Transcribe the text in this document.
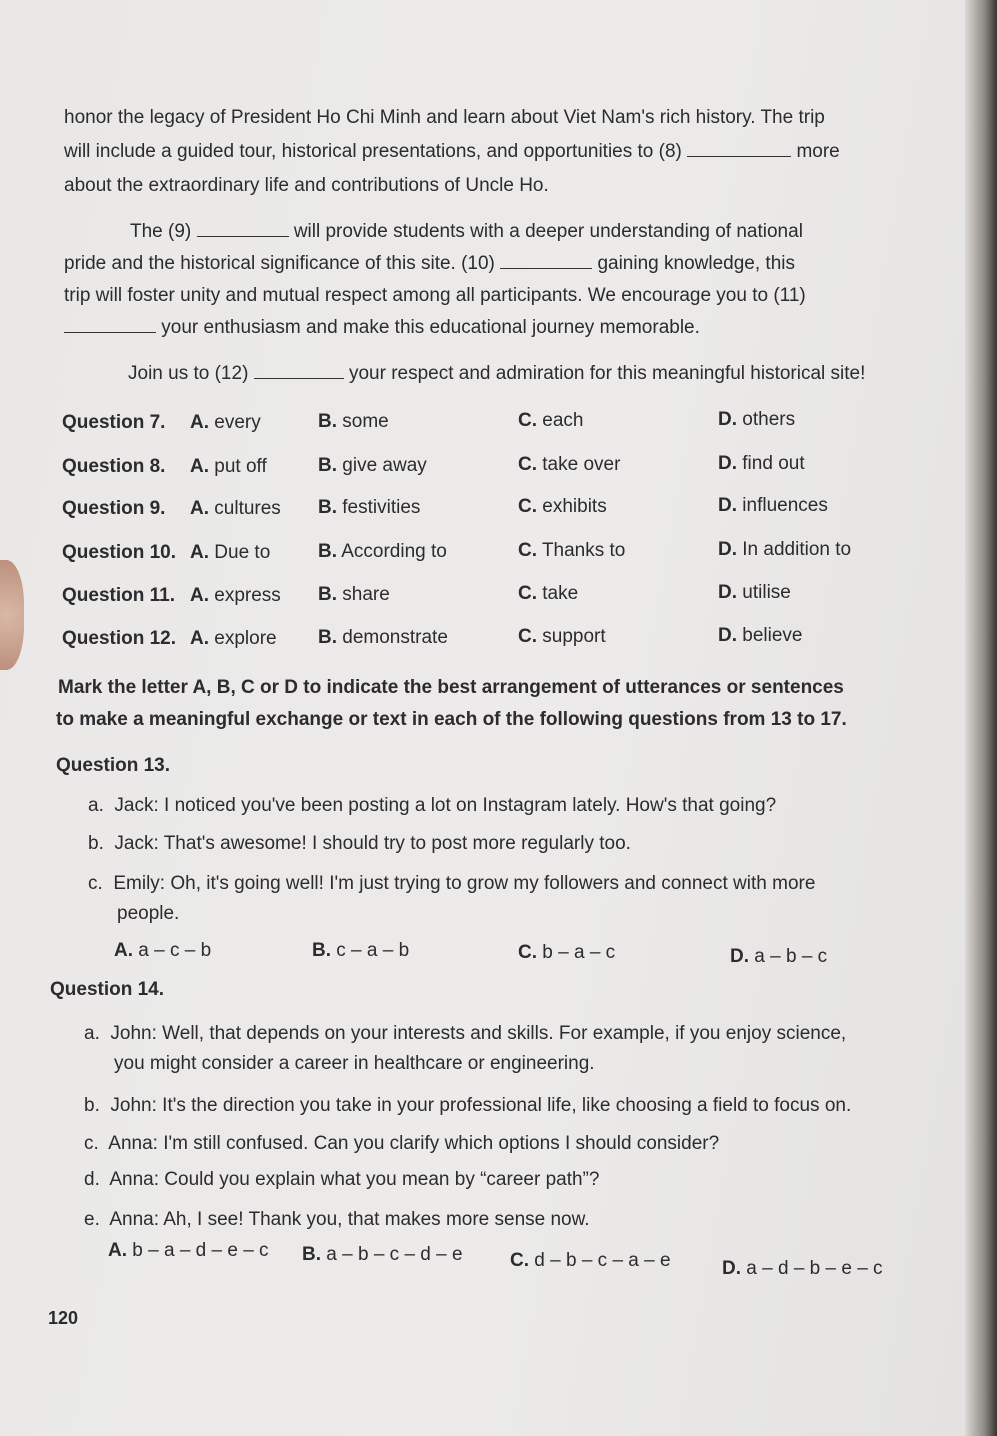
honor the legacy of President Ho Chi Minh and learn about Viet Nam's rich history. The trip
will include a guided tour, historical presentations, and opportunities to (8)	more
about the extraordinary life and contributions of Uncle Ho.
The (9)	will provide students with a deeper understanding of national
pride and the historical significance of this site. (10)	gaining knowledge, this
trip will foster unity and mutual respect among all participants. We encourage you to (11)
your enthusiasm and make this educational journey memorable.
Join us to (12)	your respect and admiration for this meaningful historical site!
Question 7. A. every	B. some	C. each	D. others
Question 8. A. put off	B. give away	C. take over	D. find out
Question 9. A. cultures B. festivities	C. exhibits	D. influences
Question 10. A. Due to	B. According to	C. Thanks to	D. In addition to
Question 11. A. express B. share	C. take	D. utilise
Question 12. A. explore B. demonstrate	C. support	D. believe
Mark the letter A, B, C or D to indicate the best arrangement of utterances or sentences
to make a meaningful exchange or text in each of the following questions from 13 to 17.
Question 13.
a. Jack: I noticed you've been posting a lot on Instagram lately. How's that going?
b. Jack: That's awesome! I should try to post more regularly too.
c. Emily: Oh, it's going well! I'm just trying to grow my followers and connect with more
people.
A. a – c – b	B. c – a – b	C. b – a – c	D. a – b – c
Question 14.
a. John: Well, that depends on your interests and skills. For example, if you enjoy science,
you might consider a career in healthcare or engineering.
b. John: It's the direction you take in your professional life, like choosing a field to focus on.
c. Anna: I'm still confused. Can you clarify which options I should consider?
d. Anna: Could you explain what you mean by “career path”?
e. Anna: Ah, I see! Thank you, that makes more sense now.
A. b – a – d – e – c B. a – b – c – d – e C. d – b – c – a – e	D. a – d – b – e – c
120
